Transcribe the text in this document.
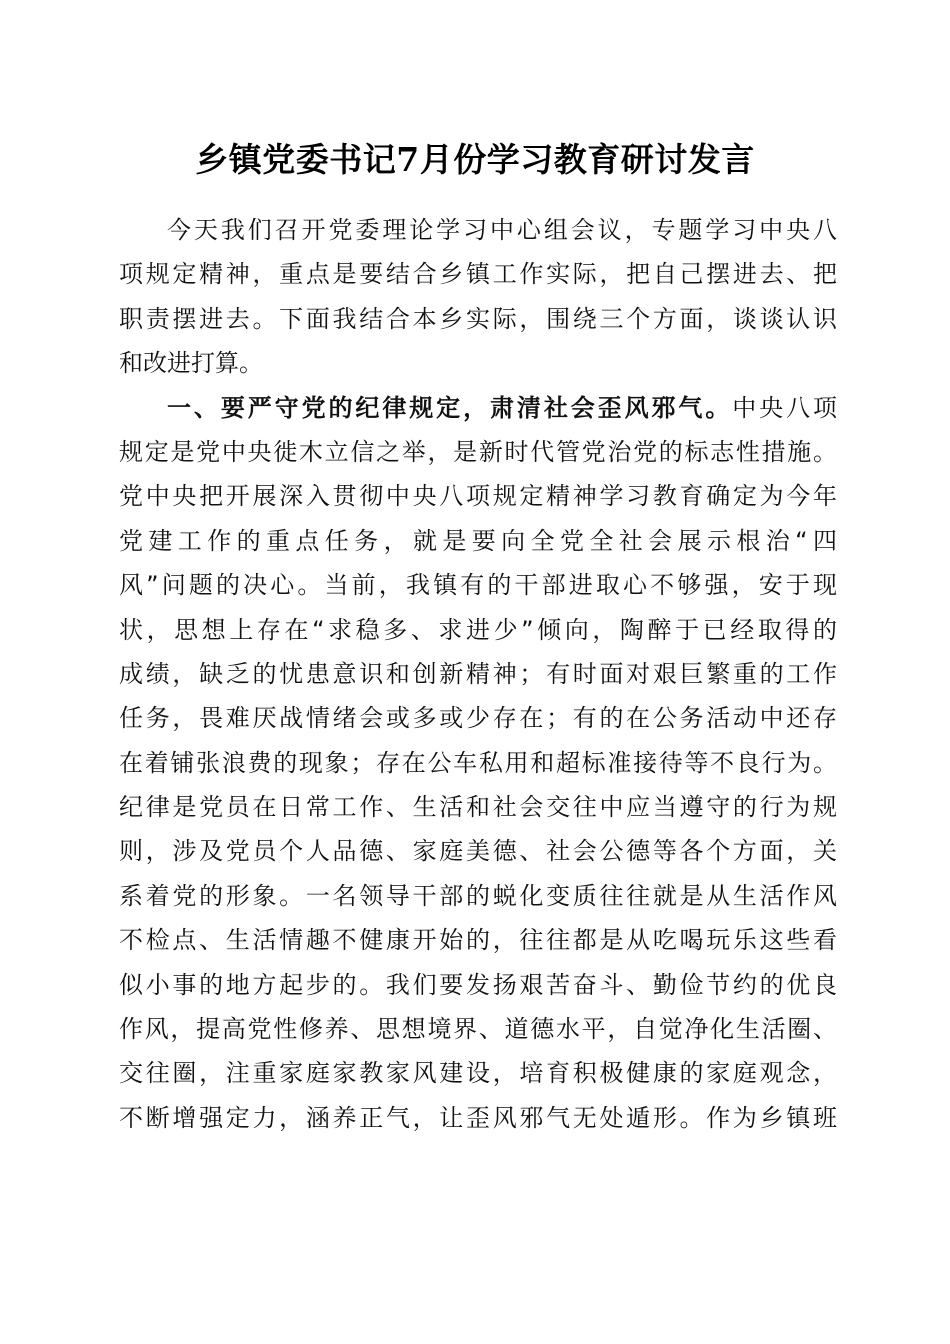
乡镇党委书记7月份学习教育研讨发言
今天我们召开党委理论学习中心组会议，专题学习中央八
项规定精神，重点是要结合乡镇工作实际，把自己摆进去、把
职责摆进去。下面我结合本乡实际，围绕三个方面，谈谈认识
和改进打算。
一、要严守党的纪律规定，肃清社会歪风邪气。中央八项
规定是党中央徙木立信之举，是新时代管党治党的标志性措施。
党中央把开展深入贯彻中央八项规定精神学习教育确定为今年
党建工作的重点任务，就是要向全党全社会展示根治“四
风”问题的决心。当前，我镇有的干部进取心不够强，安于现
状，思想上存在“求稳多、求进少”倾向，陶醉于已经取得的
成绩，缺乏的忧患意识和创新精神；有时面对艰巨繁重的工作
任务，畏难厌战情绪会或多或少存在；有的在公务活动中还存
在着铺张浪费的现象；存在公车私用和超标准接待等不良行为。
纪律是党员在日常工作、生活和社会交往中应当遵守的行为规
则，涉及党员个人品德、家庭美德、社会公德等各个方面，关
系着党的形象。一名领导干部的蜕化变质往往就是从生活作风
不检点、生活情趣不健康开始的，往往都是从吃喝玩乐这些看
似小事的地方起步的。我们要发扬艰苦奋斗、勤俭节约的优良
作风，提高党性修养、思想境界、道德水平，自觉净化生活圈、
交往圈，注重家庭家教家风建设，培育积极健康的家庭观念，
不断增强定力，涵养正气，让歪风邪气无处遁形。作为乡镇班
